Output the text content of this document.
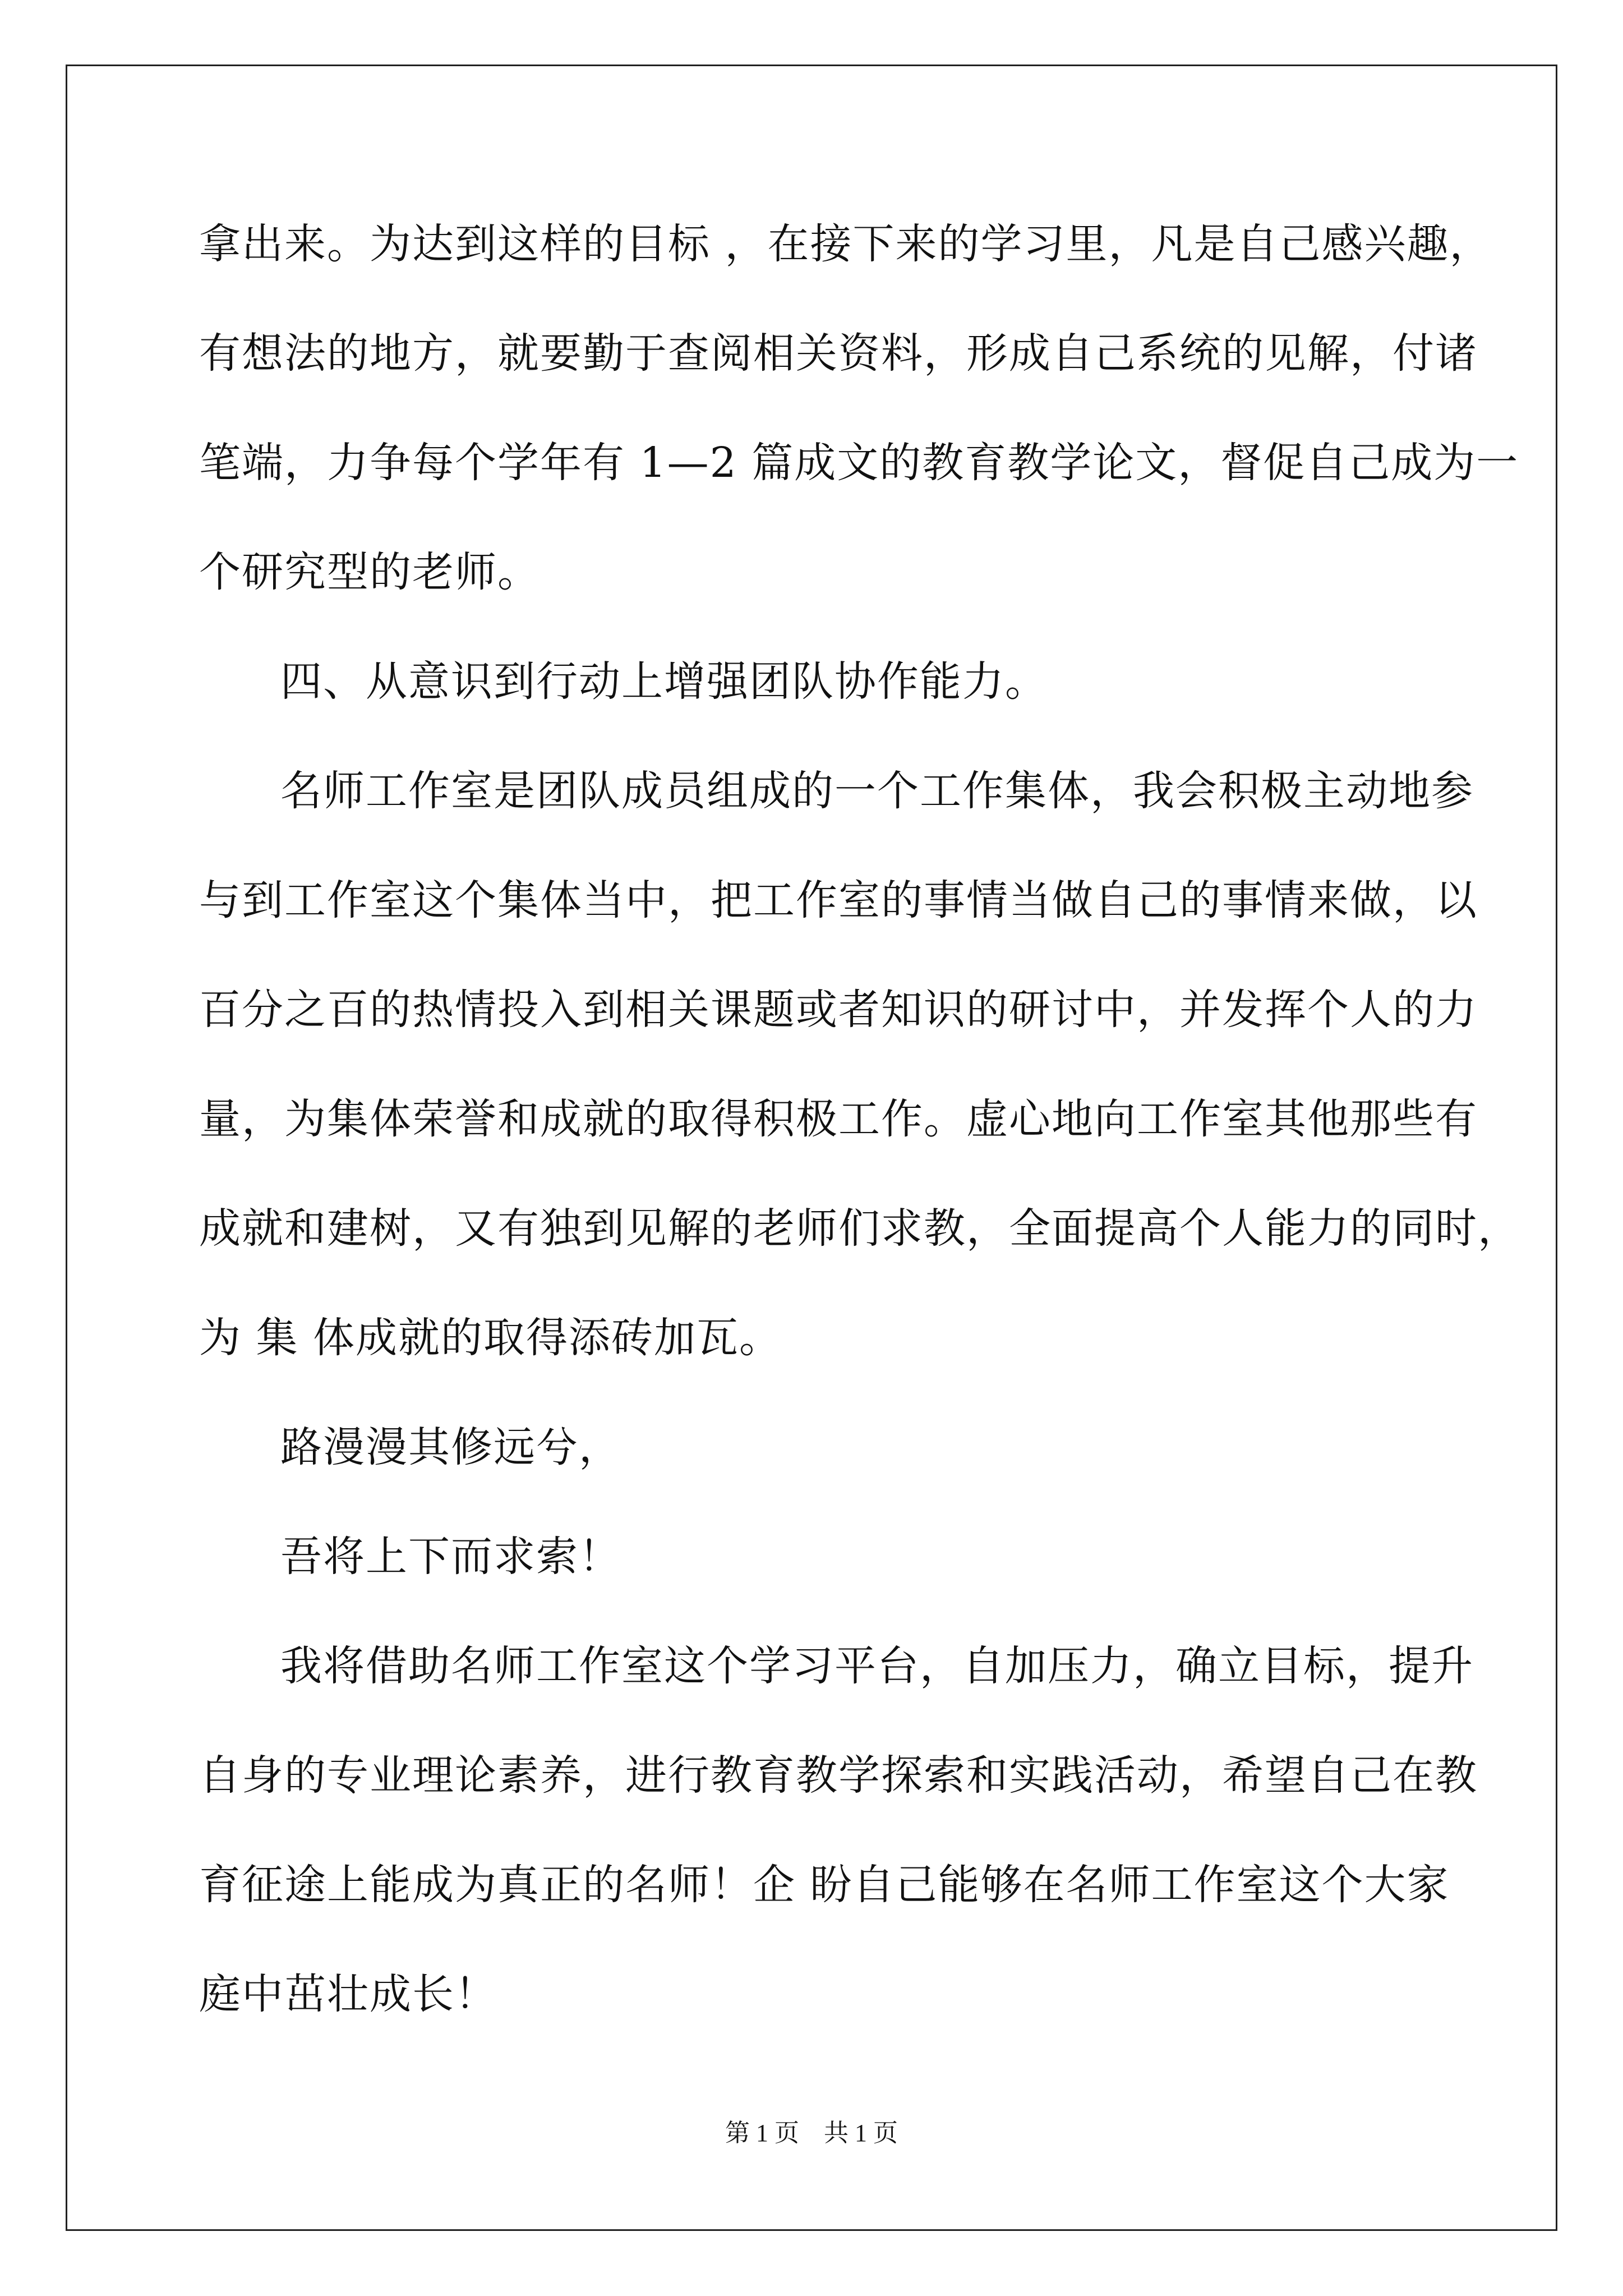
拿出来。为达到这样的目标 ，在接下来的学习里，凡是自己感兴趣，
有想法的地方，就要勤于查阅相关资料，形成自己系统的见解，付诸
笔端，力争每个学年有 1—2 篇成文的教育教学论文，督促自己成为一
个研究型的老师。
四、从意识到行动上增强团队协作能力。
名师工作室是团队成员组成的一个工作集体，我会积极主动地参
与到工作室这个集体当中，把工作室的事情当做自己的事情来做，以
百分之百的热情投入到相关课题或者知识的研讨中，并发挥个人的力
量，为集体荣誉和成就的取得积极工作。虚心地向工作室其他那些有
成就和建树，又有独到见解的老师们求教，全面提高个人能力的同时，
为 集 体成就的取得添砖加瓦。
路漫漫其修远兮，
吾将上下而求索！
我将借助名师工作室这个学习平台，自加压力，确立目标，提升
自身的专业理论素养，进行教育教学探索和实践活动，希望自己在教
育征途上能成为真正的名师！企 盼自己能够在名师工作室这个大家
庭中茁壮成长！
第 1 页　共 1 页
